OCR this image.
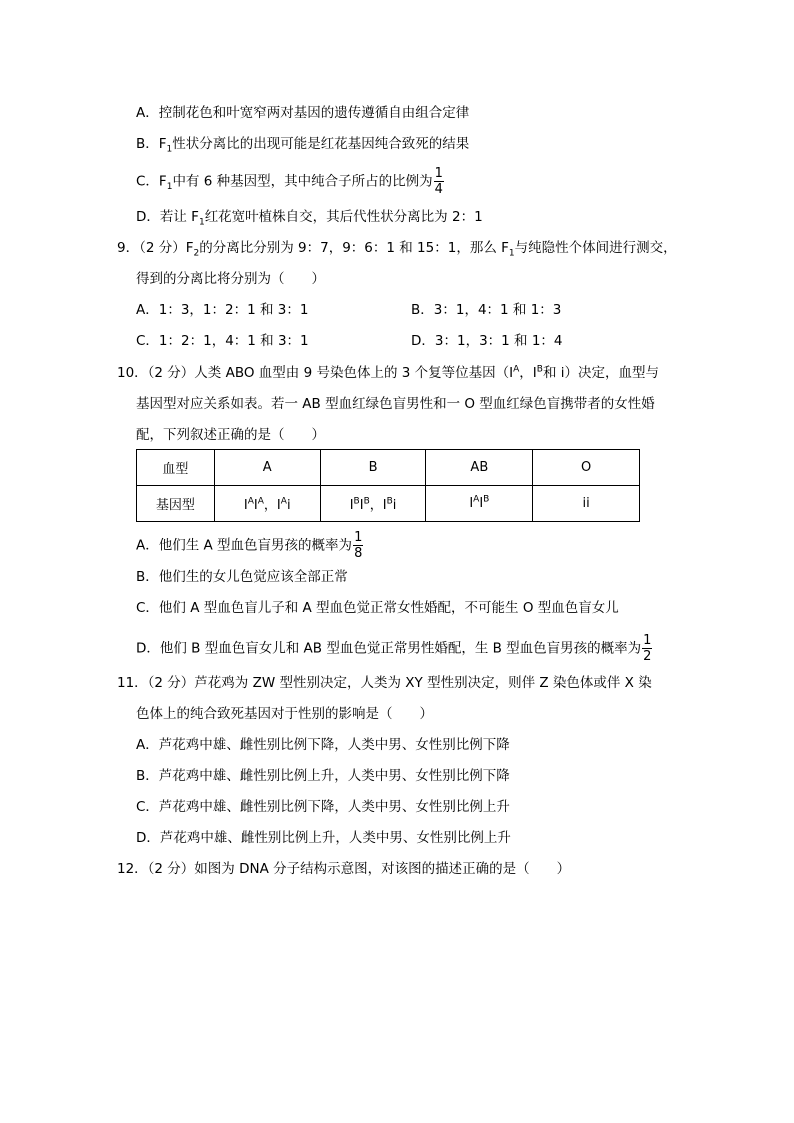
A．控制花色和叶宽窄两对基因的遗传遵循自由组合定律
B．$F_1$性状分离比的出现可能是红花基因纯合致死的结果
C．$F_1$中有 6 种基因型，其中纯合子所占的比例为 $\frac{1}{4}$
D．若让 $F_1$红花宽叶植株自交，其后代性状分离比为 2：1
9．（2 分）$F_2$的分离比分别为 9：7，9：6：1 和 15：1，那么 $F_1$与纯隐性个体间进行测交，
得到的分离比将分别为（　　）
A．1：3，1：2：1 和 3：1	B．3：1，4：1 和 1：3
C．1：2：1，4：1 和 3：1	D．3：1，3：1 和 1：4
10．（2 分）人类 ABO 血型由 9 号染色体上的 3 个复等位基因（$I^A$，$I^B$和 i）决定，血型与
基因型对应关系如表。若一 AB 型血红绿色盲男性和一 O 型血红绿色盲携带者的女性婚
配，下列叙述正确的是（　　）
血型	A	B	AB	O
基因型	$I^AI^A$，$I^Ai$	$I^BI^B$，$I^Bi$	$I^AI^B$	ii
A．他们生 A 型血色盲男孩的概率为 $\frac{1}{8}$
B．他们生的女儿色觉应该全部正常
C．他们 A 型血色盲儿子和 A 型血色觉正常女性婚配，不可能生 O 型血色盲女儿
D．他们 B 型血色盲女儿和 AB 型血色觉正常男性婚配，生 B 型血色盲男孩的概率为 $\frac{1}{2}$
11．（2 分）芦花鸡为 ZW 型性别决定，人类为 XY 型性别决定，则伴 Z 染色体或伴 X 染
色体上的纯合致死基因对于性别的影响是（　　）
A．芦花鸡中雄、雌性别比例下降，人类中男、女性别比例下降
B．芦花鸡中雄、雌性别比例上升，人类中男、女性别比例下降
C．芦花鸡中雄、雌性别比例下降，人类中男、女性别比例上升
D．芦花鸡中雄、雌性别比例上升，人类中男、女性别比例上升
12．（2 分）如图为 DNA 分子结构示意图，对该图的描述正确的是（　　）
